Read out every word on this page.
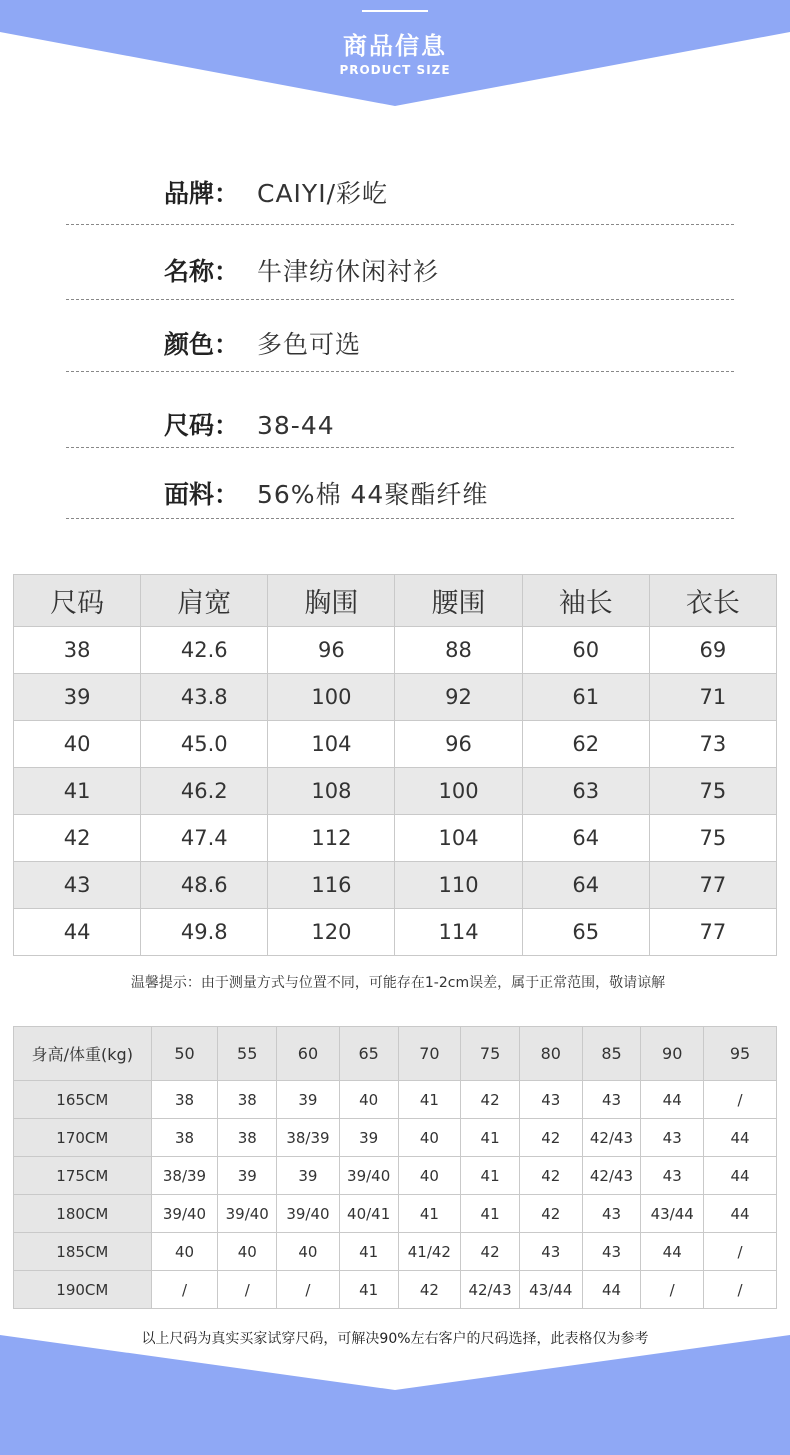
商品信息
PRODUCT SIZE
品牌： CAIYI/彩屹
名称： 牛津纺休闲衬衫
颜色： 多色可选
尺码： 38-44
面料： 56%棉 44聚酯纤维
尺码	肩宽	胸围	腰围	袖长	衣长
38	42.6	96	88	60	69
39	43.8	100	92	61	71
40	45.0	104	96	62	73
41	46.2	108	100	63	75
42	47.4	112	104	64	75
43	48.6	116	110	64	77
44	49.8	120	114	65	77
温馨提示：由于测量方式与位置不同，可能存在1-2cm误差，属于正常范围，敬请谅解
身高/体重(kg)	50	55	60	65	70	75	80	85	90	95
165CM	38	38	39	40	41	42	43	43	44	/
170CM	38	38	38/39	39	40	41	42	42/43	43	44
175CM	38/39	39	39	39/40	40	41	42	42/43	43	44
180CM	39/40	39/40	39/40	40/41	41	41	42	43	43/44	44
185CM	40	40	40	41	41/42	42	43	43	44	/
190CM	/	/	/	41	42	42/43	43/44	44	/	/
以上尺码为真实买家试穿尺码，可解决90%左右客户的尺码选择，此表格仅为参考
